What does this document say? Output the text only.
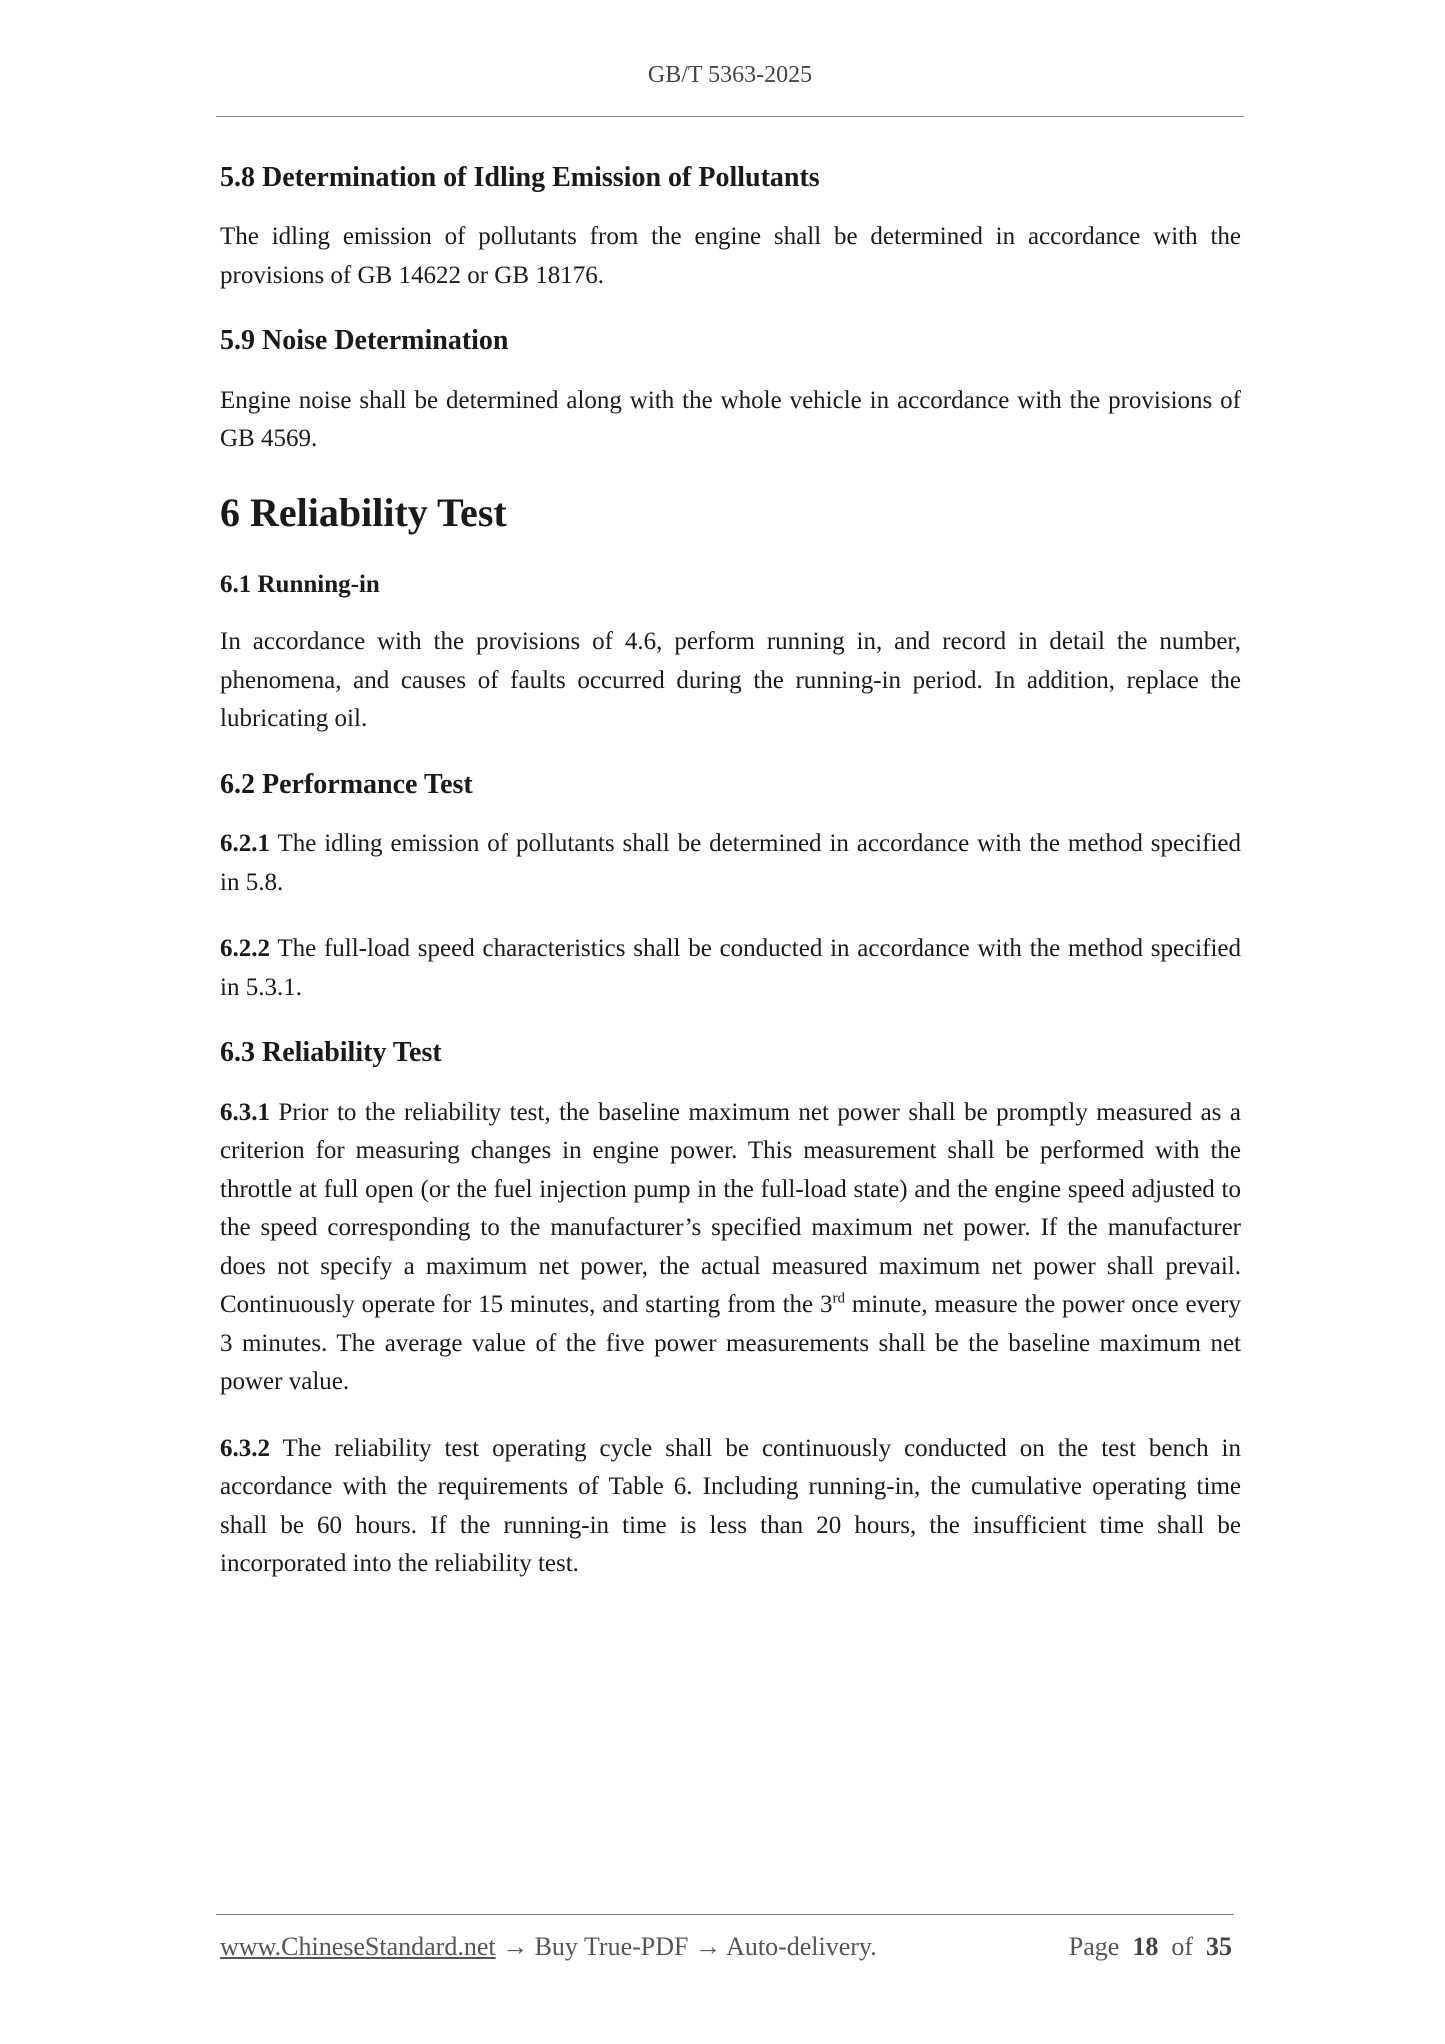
GB/T 5363-2025
5.8 Determination of Idling Emission of Pollutants

The idling emission of pollutants from the engine shall be determined in accordance with the provisions of GB 14622 or GB 18176.

5.9 Noise Determination

Engine noise shall be determined along with the whole vehicle in accordance with the provisions of GB 4569.

6 Reliability Test
6.1 Running-in

In accordance with the provisions of 4.6, perform running in, and record in detail the number, phenomena, and causes of faults occurred during the running-in period. In addition, replace the lubricating oil.

6.2 Performance Test

6.2.1 The idling emission of pollutants shall be determined in accordance with the method specified in 5.8.

6.2.2 The full-load speed characteristics shall be conducted in accordance with the method specified in 5.3.1.

6.3 Reliability Test

6.3.1 Prior to the reliability test, the baseline maximum net power shall be promptly measured as a criterion for measuring changes in engine power. This measurement shall be performed with the throttle at full open (or the fuel injection pump in the full-load state) and the engine speed adjusted to the speed corresponding to the manufacturer’s specified maximum net power. If the manufacturer does not specify a maximum net power, the actual measured maximum net power shall prevail. Continuously operate for 15 minutes, and starting from the 3rd minute, measure the power once every 3 minutes. The average value of the five power measurements shall be the baseline maximum net power value.

6.3.2 The reliability test operating cycle shall be continuously conducted on the test bench in accordance with the requirements of Table 6. Including running-in, the cumulative operating time shall be 60 hours. If the running-in time is less than 20 hours, the insufficient time shall be incorporated into the reliability test.

www.ChineseStandard.net → Buy True-PDF → Auto-delivery.	Page 18 of 35
